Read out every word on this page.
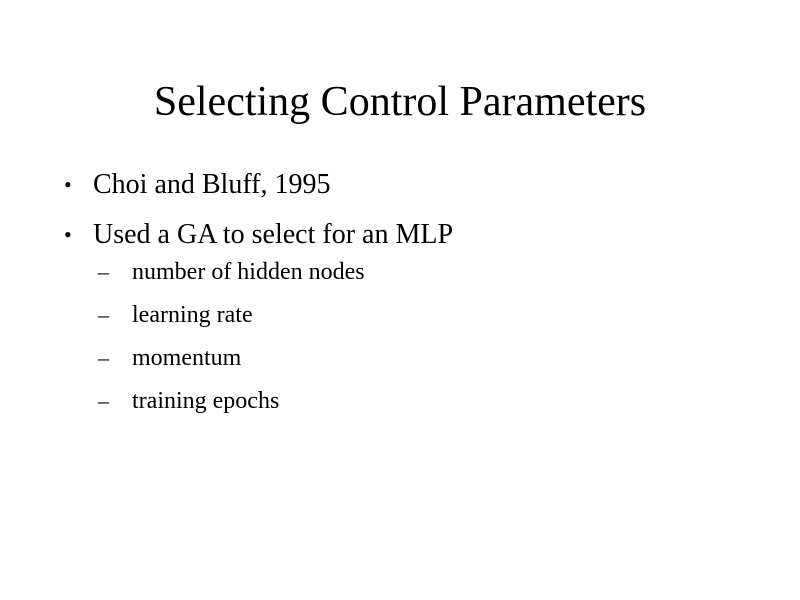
Selecting Control Parameters
• Choi and Bluff, 1995
• Used a GA to select for an MLP
– number of hidden nodes
– learning rate
– momentum
– training epochs
